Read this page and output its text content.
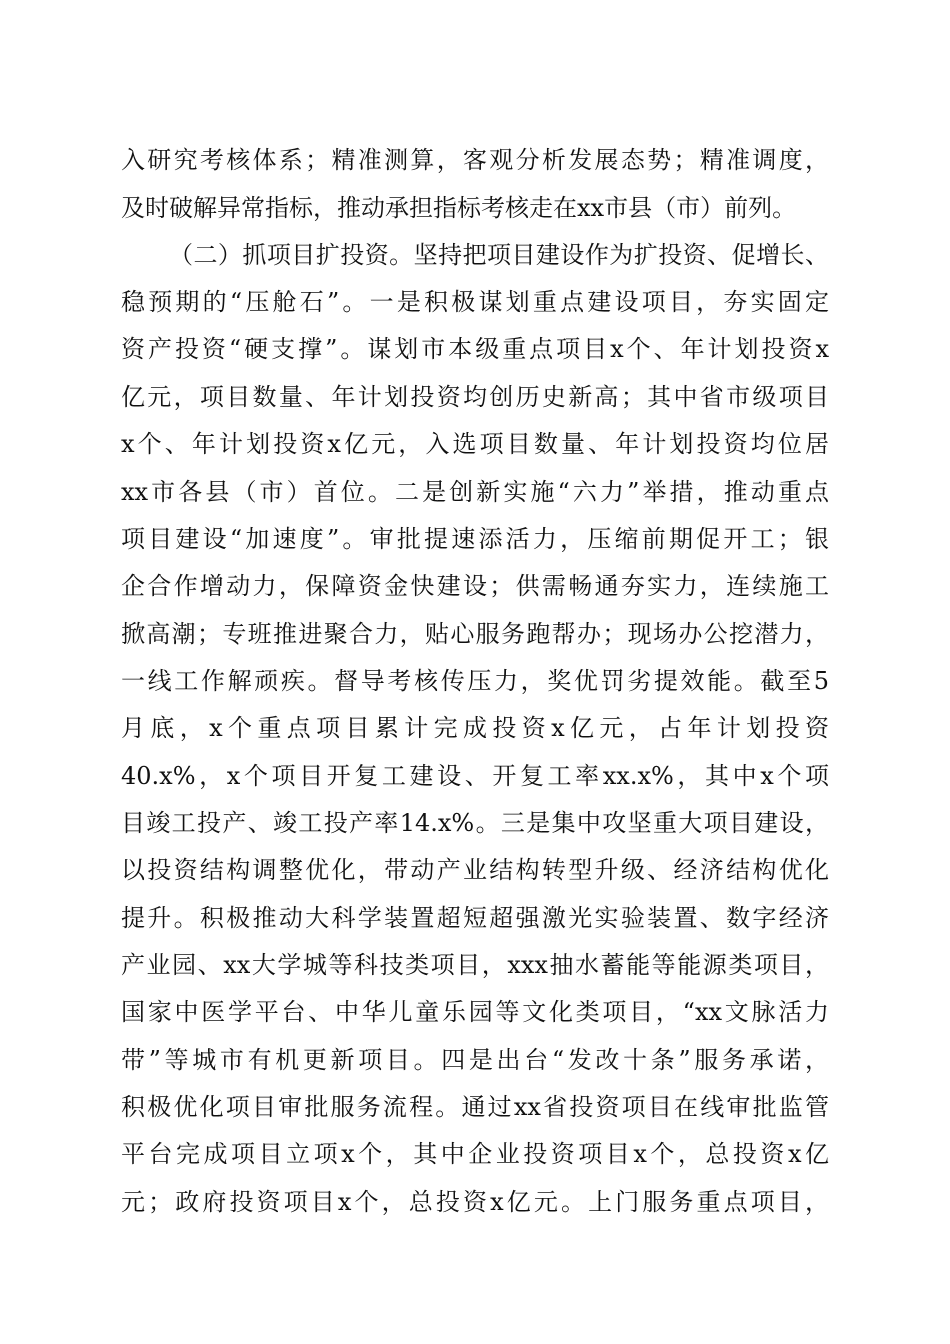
入研究考核体系；精准测算，客观分析发展态势；精准调度，
及时破解异常指标，推动承担指标考核走在xx市县（市）前列。
（二）抓项目扩投资。坚持把项目建设作为扩投资、促增长、
稳预期的“压舱石”。一是积极谋划重点建设项目，夯实固定
资产投资“硬支撑”。谋划市本级重点项目x个、年计划投资x
亿元，项目数量、年计划投资均创历史新高；其中省市级项目
x个、年计划投资x亿元，入选项目数量、年计划投资均位居
xx市各县（市）首位。二是创新实施“六力”举措，推动重点
项目建设“加速度”。审批提速添活力，压缩前期促开工；银
企合作增动力，保障资金快建设；供需畅通夯实力，连续施工
掀高潮；专班推进聚合力，贴心服务跑帮办；现场办公挖潜力，
一线工作解顽疾。督导考核传压力，奖优罚劣提效能。截至5
月底，x个重点项目累计完成投资x亿元，占年计划投资
40.x%，x个项目开复工建设、开复工率xx.x%，其中x个项
目竣工投产、竣工投产率14.x%。三是集中攻坚重大项目建设，
以投资结构调整优化，带动产业结构转型升级、经济结构优化
提升。积极推动大科学装置超短超强激光实验装置、数字经济
产业园、xx大学城等科技类项目，xxx抽水蓄能等能源类项目，
国家中医学平台、中华儿童乐园等文化类项目，“xx文脉活力
带”等城市有机更新项目。四是出台“发改十条”服务承诺，
积极优化项目审批服务流程。通过xx省投资项目在线审批监管
平台完成项目立项x个，其中企业投资项目x个，总投资x亿
元；政府投资项目x个，总投资x亿元。上门服务重点项目，
